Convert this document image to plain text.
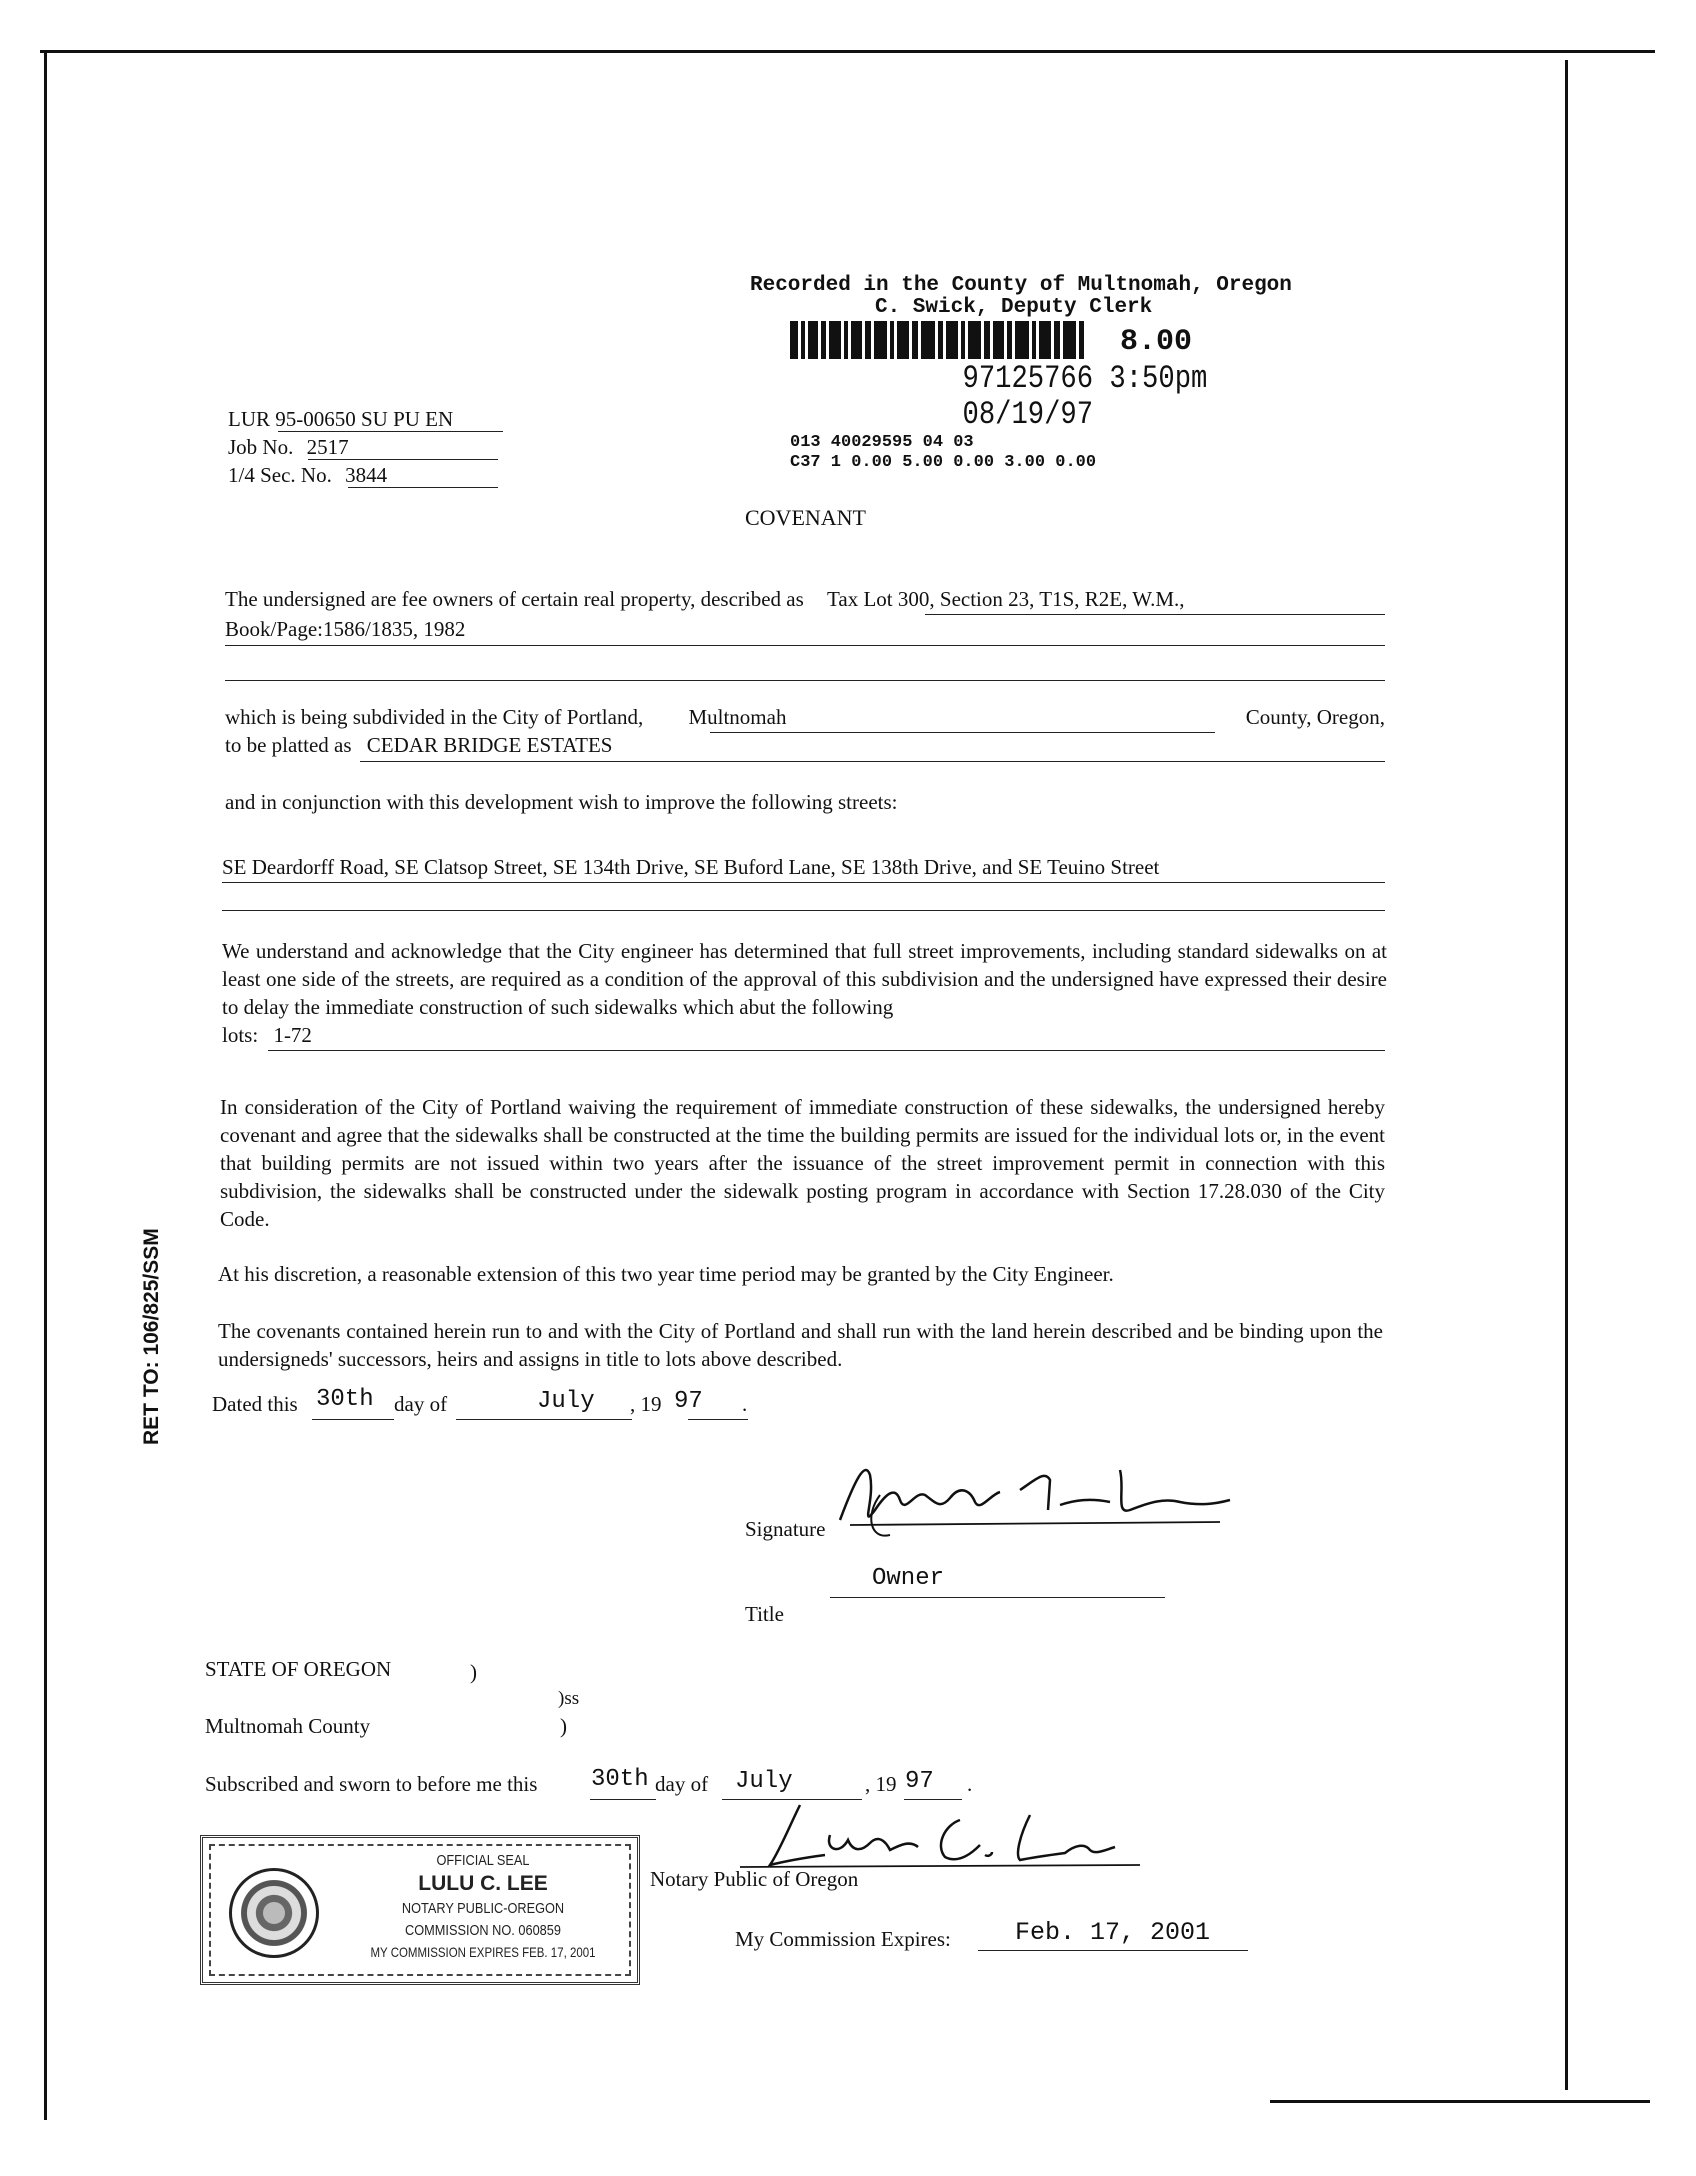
Recorded in the County of Multnomah, Oregon
C. Swick, Deputy Clerk
8.00
97125766 3:50pm 08/19/97
013 40029595 04 03
C37 1 0.00 5.00 0.00 3.00 0.00
LUR 95-00650 SU PU EN
Job No. 2517
1/4 Sec. No. 3844
COVENANT
The undersigned are fee owners of certain real property, described as Tax Lot 300, Section 23, T1S, R2E, W.M.,
Book/Page:1586/1835, 1982
which is being subdivided in the City of Portland, Multnomah	County, Oregon,
to be platted as CEDAR BRIDGE ESTATES
and in conjunction with this development wish to improve the following streets:
SE Deardorff Road, SE Clatsop Street, SE 134th Drive, SE Buford Lane, SE 138th Drive, and SE Teuino Street
We understand and acknowledge that the City engineer has determined that full street improvements, including standard sidewalks on at least one side of the streets, are required as a condition of the approval of this subdivision and the undersigned have expressed their desire to delay the immediate construction of such sidewalks which abut the following
lots: 1-72
In consideration of the City of Portland waiving the requirement of immediate construction of these sidewalks, the undersigned hereby covenant and agree that the sidewalks shall be constructed at the time the building permits are issued for the individual lots or, in the event that building permits are not issued within two years after the issuance of the street improvement permit in connection with this subdivision, the sidewalks shall be constructed under the sidewalk posting program in accordance with Section 17.28.030 of the City Code.
At his discretion, a reasonable extension of this two year time period may be granted by the City Engineer.
The covenants contained herein run to and with the City of Portland and shall run with the land herein described and be binding upon the undersigneds' successors, heirs and assigns in title to lots above described.
Dated this 30th day of	July , 19 97 .
Signature
Owner
Title
STATE OF OREGON	)
)ss
Multnomah County	)
Subscribed and sworn to before me this 30th day of July	, 19 97 .
Notary Public of Oregon
My Commission Expires:	Feb. 17, 2001
OFFICIAL SEAL
LULU C. LEE
NOTARY PUBLIC-OREGON
COMMISSION NO. 060859
MY COMMISSION EXPIRES FEB. 17, 2001
RET TO: 106/825/SSM
